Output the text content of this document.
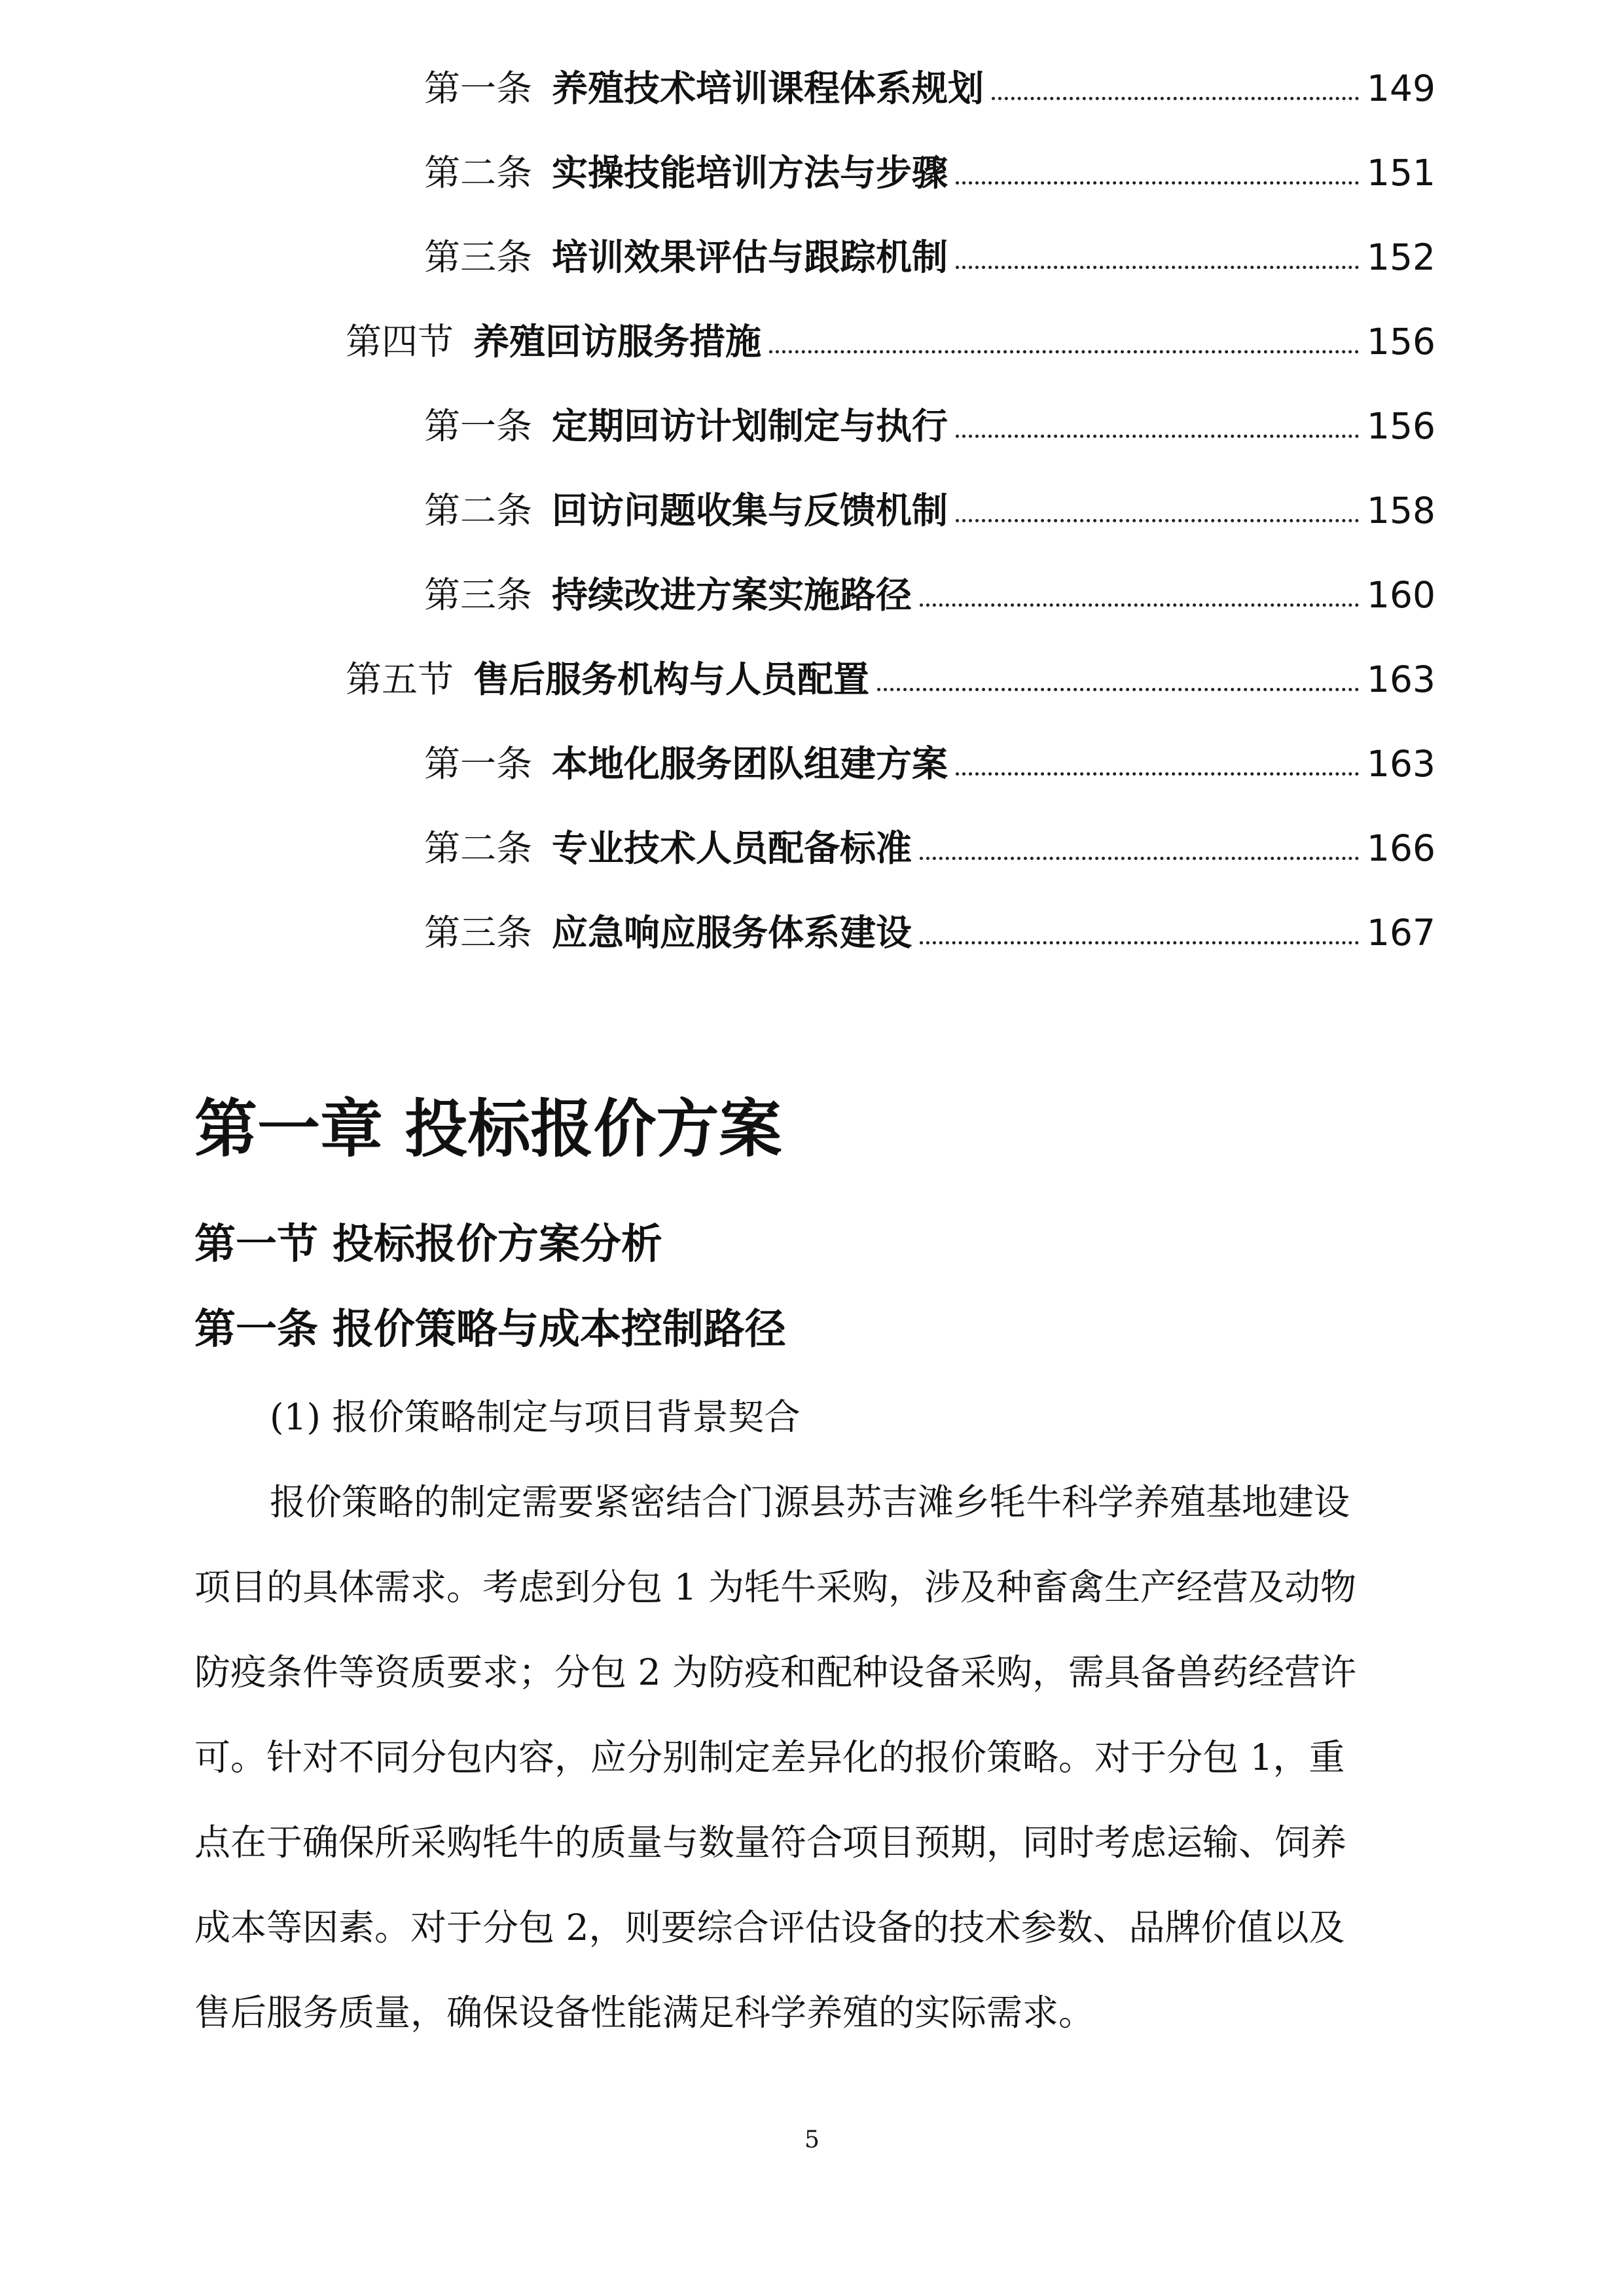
第一条 养殖技术培训课程体系规划	149
第二条 实操技能培训方法与步骤	151
第三条 培训效果评估与跟踪机制	152
第四节 养殖回访服务措施	156
第一条 定期回访计划制定与执行	156
第二条 回访问题收集与反馈机制	158
第三条 持续改进方案实施路径	160
第五节 售后服务机构与人员配置	163
第一条 本地化服务团队组建方案	163
第二条 专业技术人员配备标准	166
第三条 应急响应服务体系建设	167
第一章 投标报价方案
第一节 投标报价方案分析
第一条 报价策略与成本控制路径
(1) 报价策略制定与项目背景契合
报价策略的制定需要紧密结合门源县苏吉滩乡牦牛科学养殖基地建设
项目的具体需求。考虑到分包 1 为牦牛采购，涉及种畜禽生产经营及动物
防疫条件等资质要求；分包 2 为防疫和配种设备采购，需具备兽药经营许
可。针对不同分包内容，应分别制定差异化的报价策略。对于分包 1，重
点在于确保所采购牦牛的质量与数量符合项目预期，同时考虑运输、饲养
成本等因素。对于分包 2，则要综合评估设备的技术参数、品牌价值以及
售后服务质量，确保设备性能满足科学养殖的实际需求。
5
